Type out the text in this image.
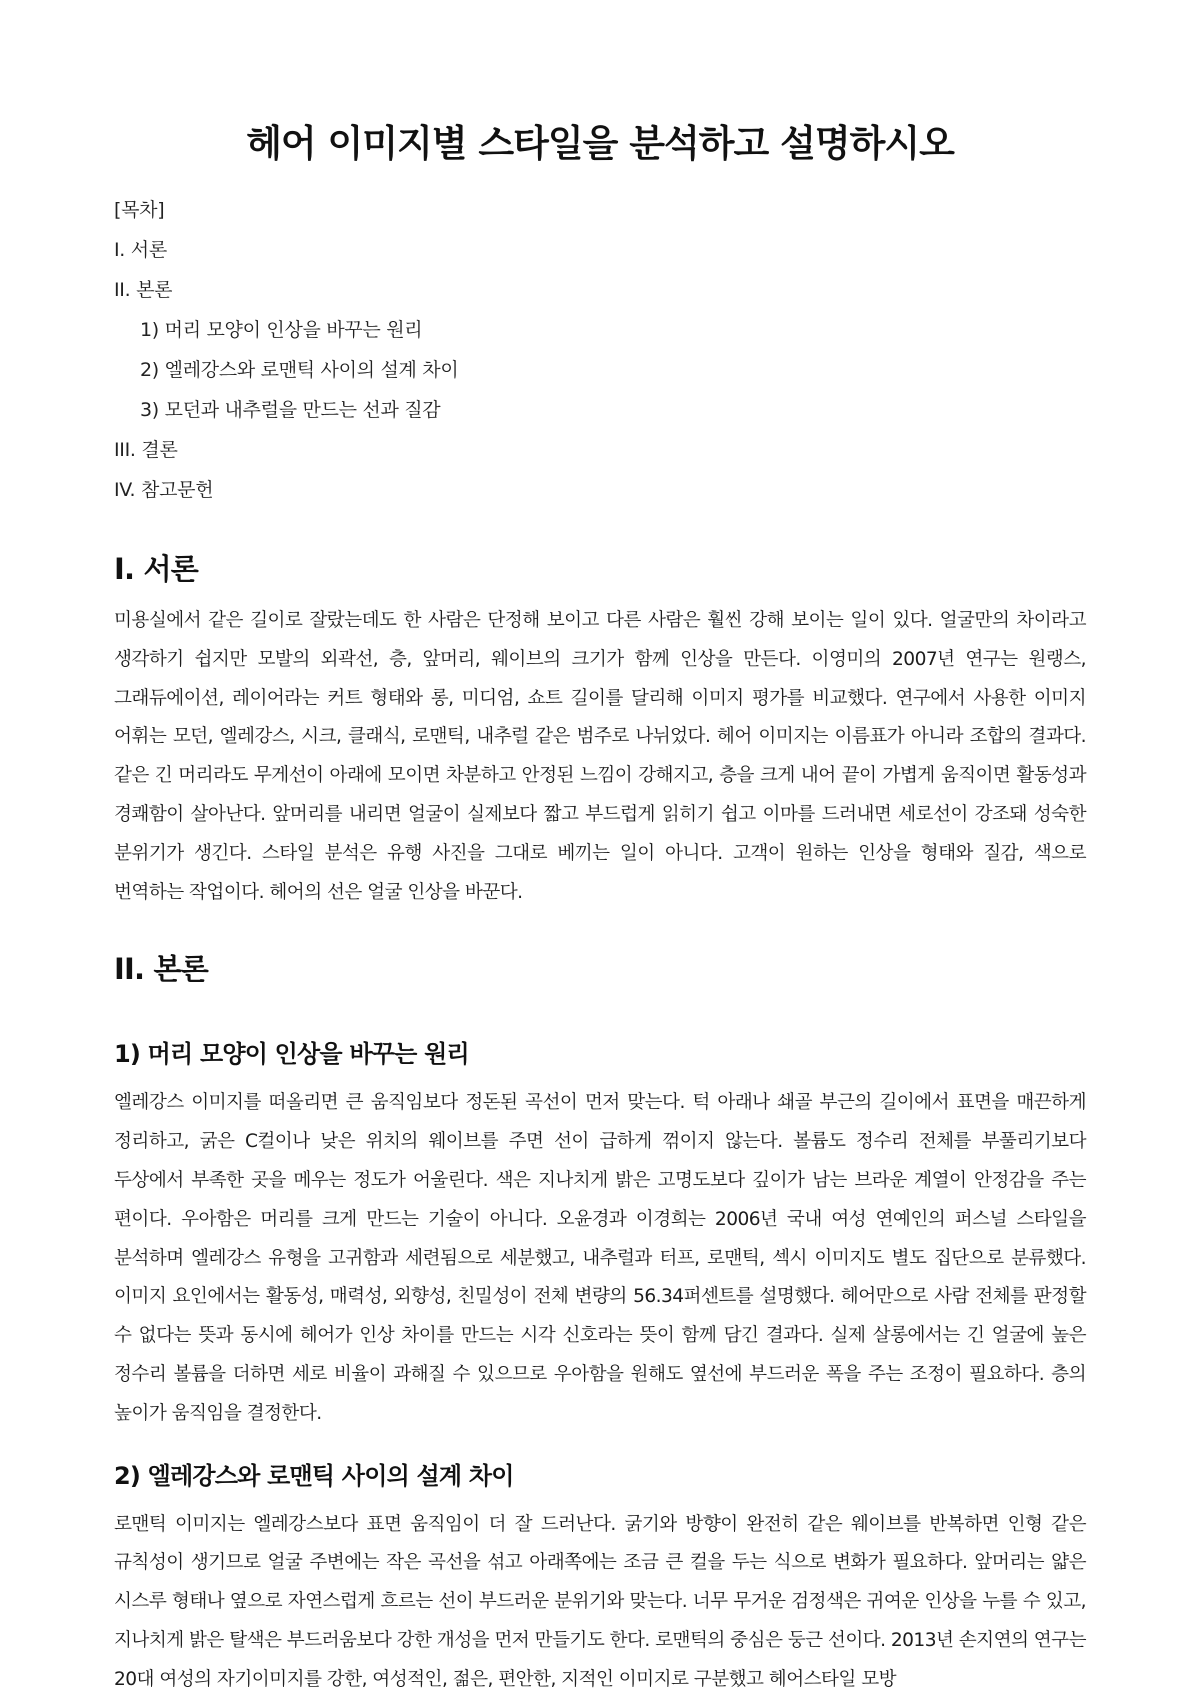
헤어 이미지별 스타일을 분석하고 설명하시오
[목차]
I. 서론
II. 본론
1) 머리 모양이 인상을 바꾸는 원리
2) 엘레강스와 로맨틱 사이의 설계 차이
3) 모던과 내추럴을 만드는 선과 질감
III. 결론
IV. 참고문헌
I. 서론

미용실에서 같은 길이로 잘랐는데도 한 사람은 단정해 보이고 다른 사람은 훨씬 강해 보이는 일이 있다. 얼굴만의 차이라고 생각하기 쉽지만 모발의 외곽선, 층, 앞머리, 웨이브의 크기가 함께 인상을 만든다. 이영미의 2007년 연구는 원랭스, 그래듀에이션, 레이어라는 커트 형태와 롱, 미디엄, 쇼트 길이를 달리해 이미지 평가를 비교했다. 연구에서 사용한 이미지 어휘는 모던, 엘레강스, 시크, 클래식, 로맨틱, 내추럴 같은 범주로 나뉘었다. 헤어 이미지는 이름표가 아니라 조합의 결과다. 같은 긴 머리라도 무게선이 아래에 모이면 차분하고 안정된 느낌이 강해지고, 층을 크게 내어 끝이 가볍게 움직이면 활동성과 경쾌함이 살아난다. 앞머리를 내리면 얼굴이 실제보다 짧고 부드럽게 읽히기 쉽고 이마를 드러내면 세로선이 강조돼 성숙한 분위기가 생긴다. 스타일 분석은 유행 사진을 그대로 베끼는 일이 아니다. 고객이 원하는 인상을 형태와 질감, 색으로 번역하는 작업이다. 헤어의 선은 얼굴 인상을 바꾼다.

II. 본론
1) 머리 모양이 인상을 바꾸는 원리

엘레강스 이미지를 떠올리면 큰 움직임보다 정돈된 곡선이 먼저 맞는다. 턱 아래나 쇄골 부근의 길이에서 표면을 매끈하게 정리하고, 굵은 C컬이나 낮은 위치의 웨이브를 주면 선이 급하게 꺾이지 않는다. 볼륨도 정수리 전체를 부풀리기보다 두상에서 부족한 곳을 메우는 정도가 어울린다. 색은 지나치게 밝은 고명도보다 깊이가 남는 브라운 계열이 안정감을 주는 편이다. 우아함은 머리를 크게 만드는 기술이 아니다. 오윤경과 이경희는 2006년 국내 여성 연예인의 퍼스널 스타일을 분석하며 엘레강스 유형을 고귀함과 세련됨으로 세분했고, 내추럴과 터프, 로맨틱, 섹시 이미지도 별도 집단으로 분류했다. 이미지 요인에서는 활동성, 매력성, 외향성, 친밀성이 전체 변량의 56.34퍼센트를 설명했다. 헤어만으로 사람 전체를 판정할 수 없다는 뜻과 동시에 헤어가 인상 차이를 만드는 시각 신호라는 뜻이 함께 담긴 결과다. 실제 살롱에서는 긴 얼굴에 높은 정수리 볼륨을 더하면 세로 비율이 과해질 수 있으므로 우아함을 원해도 옆선에 부드러운 폭을 주는 조정이 필요하다. 층의 높이가 움직임을 결정한다.

2) 엘레강스와 로맨틱 사이의 설계 차이

로맨틱 이미지는 엘레강스보다 표면 움직임이 더 잘 드러난다. 굵기와 방향이 완전히 같은 웨이브를 반복하면 인형 같은 규칙성이 생기므로 얼굴 주변에는 작은 곡선을 섞고 아래쪽에는 조금 큰 컬을 두는 식으로 변화가 필요하다. 앞머리는 얇은 시스루 형태나 옆으로 자연스럽게 흐르는 선이 부드러운 분위기와 맞는다. 너무 무거운 검정색은 귀여운 인상을 누를 수 있고, 지나치게 밝은 탈색은 부드러움보다 강한 개성을 먼저 만들기도 한다. 로맨틱의 중심은 둥근 선이다. 2013년 손지연의 연구는 20대 여성의 자기이미지를 강한, 여성적인, 젊은, 편안한, 지적인 이미지로 구분했고 헤어스타일 모방
